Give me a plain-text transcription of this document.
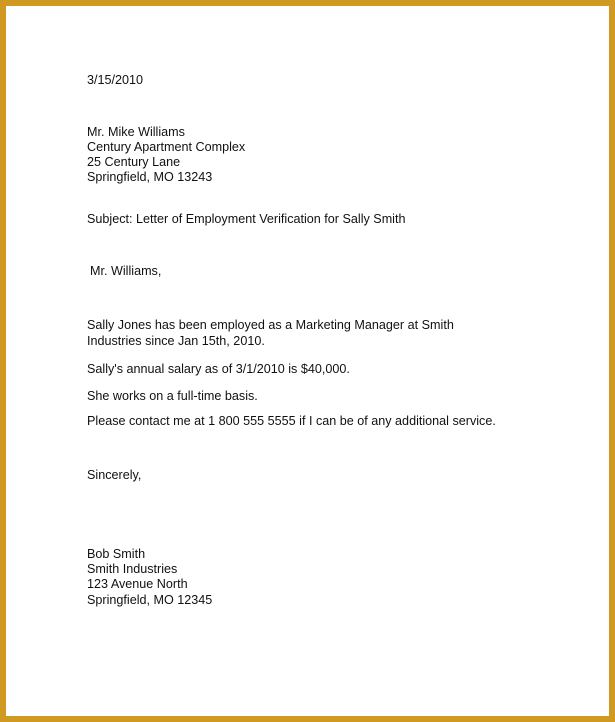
3/15/2010
Mr. Mike Williams
Century Apartment Complex
25 Century Lane
Springfield, MO 13243
Subject: Letter of Employment Verification for Sally Smith
Mr. Williams,
Sally Jones has been employed as a Marketing Manager at Smith
Industries since Jan 15th, 2010.
Sally's annual salary as of 3/1/2010 is $40,000.
She works on a full-time basis.
Please contact me at 1 800 555 5555 if I can be of any additional service.
Sincerely,
Bob Smith
Smith Industries
123 Avenue North
Springfield, MO 12345
